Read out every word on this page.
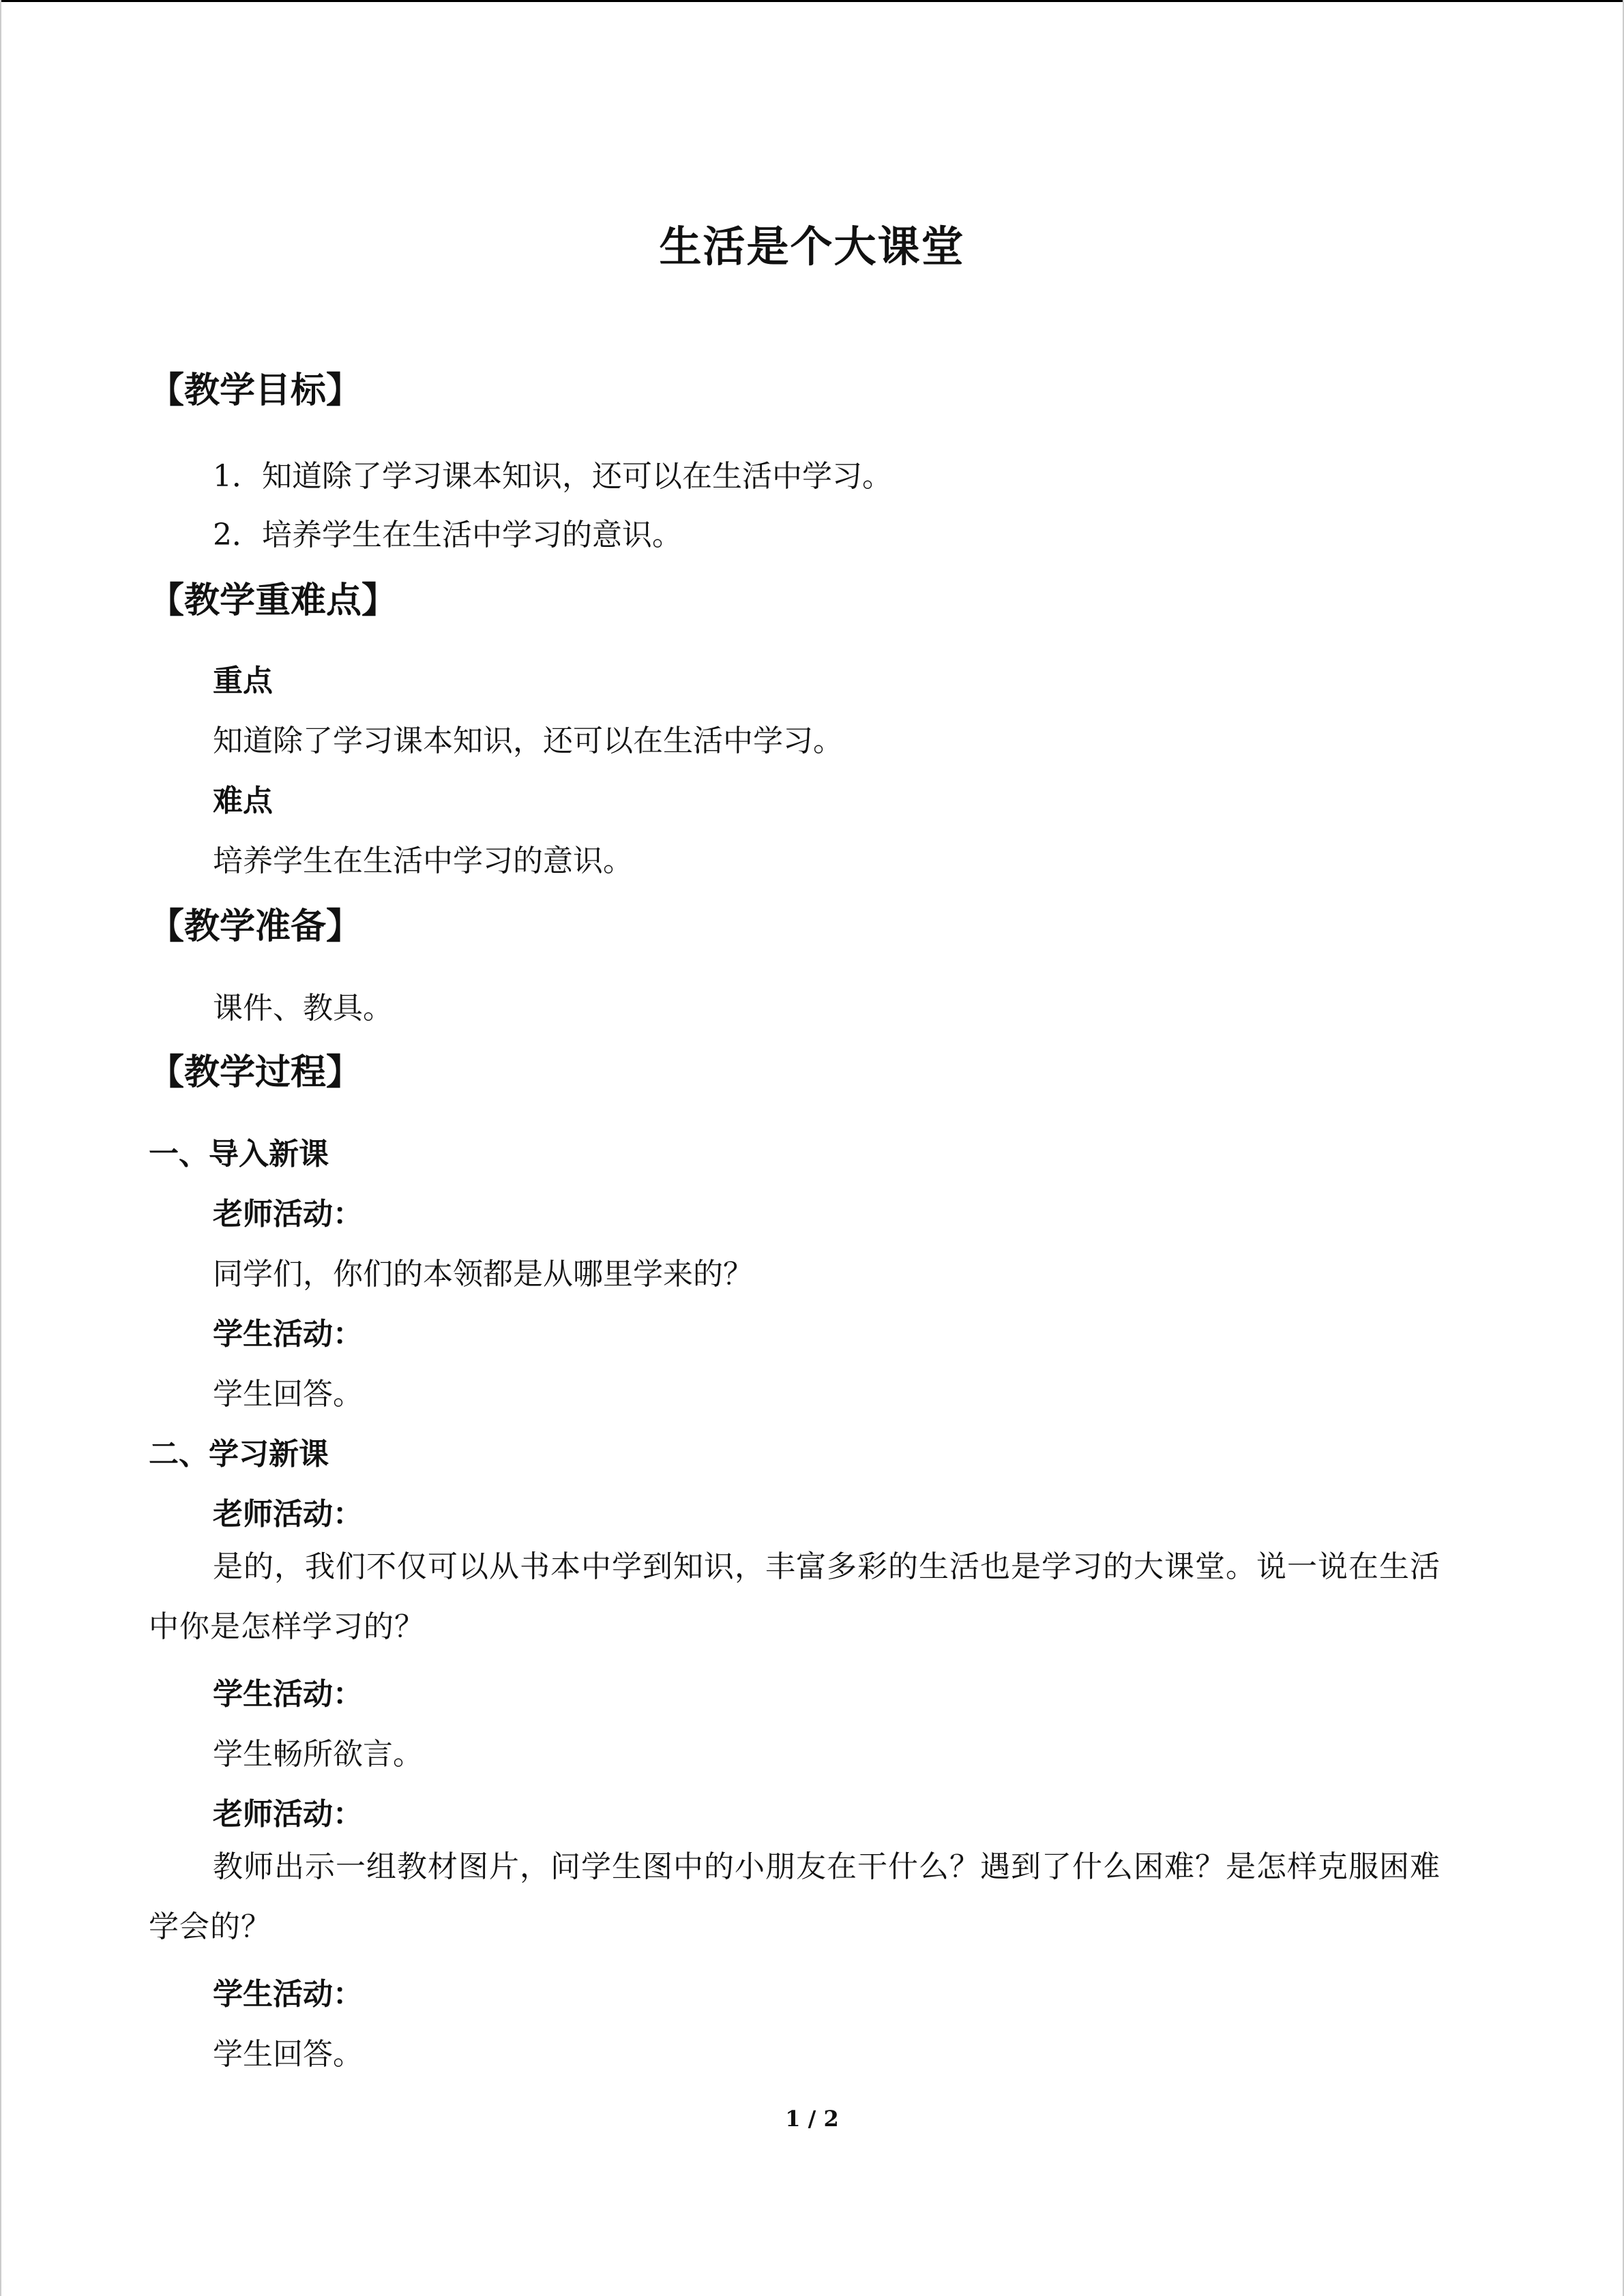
生活是个大课堂
【教学目标】
1．知道除了学习课本知识，还可以在生活中学习。
2．培养学生在生活中学习的意识。
【教学重难点】
重点
知道除了学习课本知识，还可以在生活中学习。
难点
培养学生在生活中学习的意识。
【教学准备】
课件、教具。
【教学过程】
一、导入新课
老师活动：
同学们，你们的本领都是从哪里学来的？
学生活动：
学生回答。
二、学习新课
老师活动：
是的，我们不仅可以从书本中学到知识，丰富多彩的生活也是学习的大课堂。说一说在生活中你是怎样学习的？
学生活动：
学生畅所欲言。
老师活动：
教师出示一组教材图片，问学生图中的小朋友在干什么？遇到了什么困难？是怎样克服困难学会的？
学生活动：
学生回答。
1 / 2
